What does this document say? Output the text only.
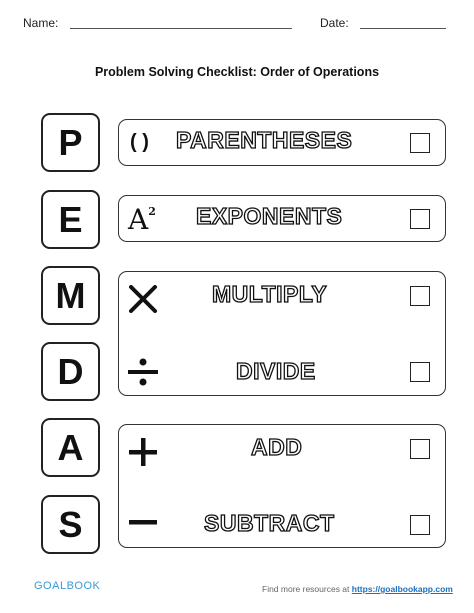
Name:	Date:
Problem Solving Checklist: Order of Operations
P
E
M
D
A
S
( ) PARENTHESES
$A^2$ EXPONENTS
MULTIPLY
DIVIDE
ADD
SUBTRACT
GOALBOOK	Find more resources at https://goalbookapp.com
